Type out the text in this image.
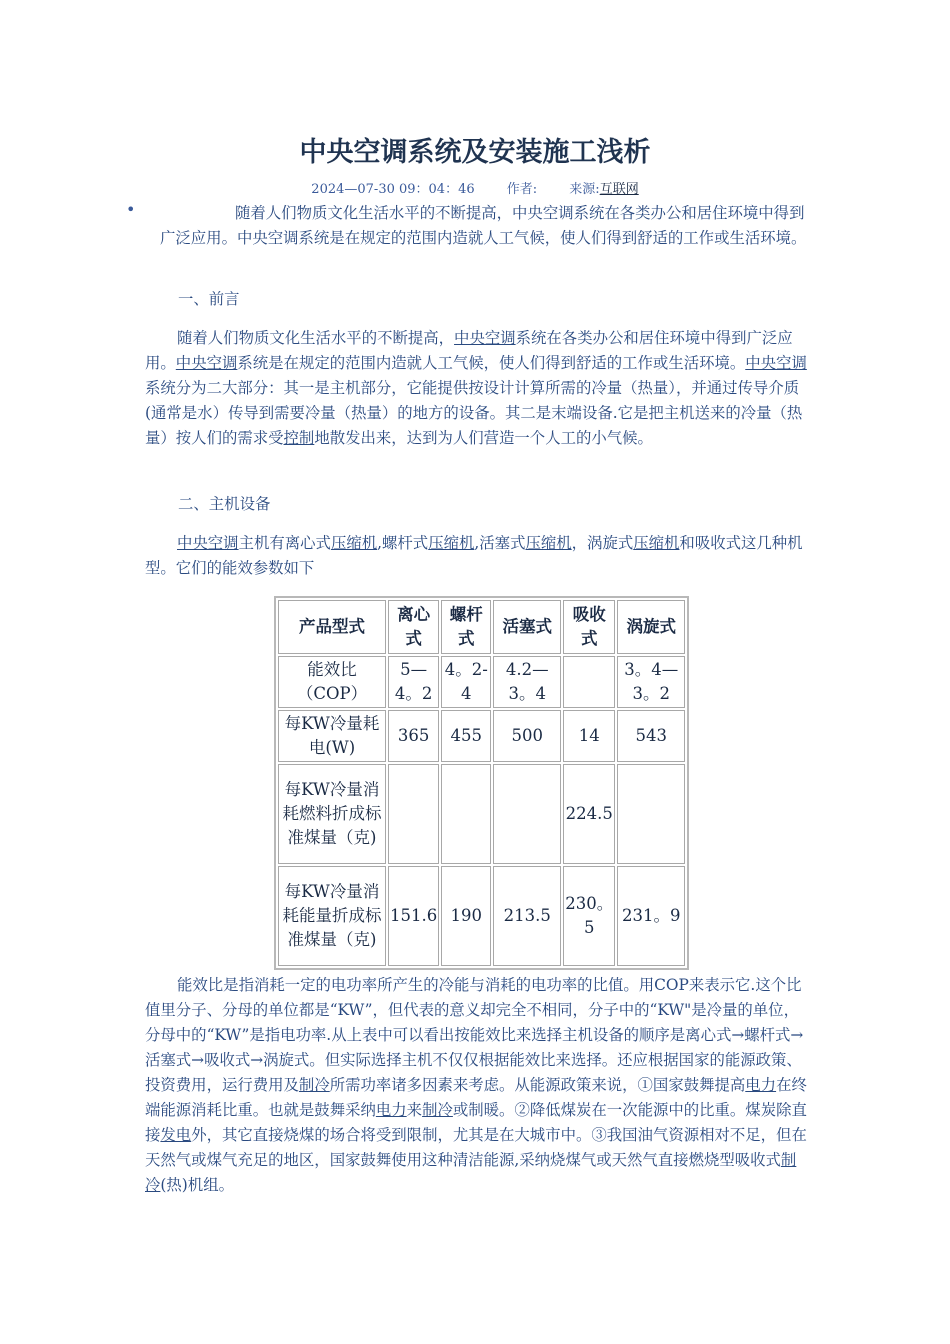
中央空调系统及安装施工浅析
2024—07-30 09：04：46 作者: 来源:互联网
•	随着人们物质文化生活水平的不断提高，中央空调系统在各类办公和居住环境中得到广泛应用。中央空调系统是在规定的范围内造就人工气候，使人们得到舒适的工作或生活环境。

一、前言

随着人们物质文化生活水平的不断提高，中央空调系统在各类办公和居住环境中得到广泛应用。中央空调系统是在规定的范围内造就人工气候，使人们得到舒适的工作或生活环境。中央空调系统分为二大部分：其一是主机部分，它能提供按设计计算所需的冷量（热量），并通过传导介质(通常是水）传导到需要冷量（热量）的地方的设备。其二是末端设备.它是把主机送来的冷量（热量）按人们的需求受控制地散发出来，达到为人们营造一个人工的小气候。

二、主机设备

中央空调主机有离心式压缩机,螺杆式压缩机,活塞式压缩机，涡旋式压缩机和吸收式这几种机型。它们的能效参数如下

产品型式	离心式	螺杆式	活塞式	吸收式	涡旋式
能效比（COP）	5—4。2	4。2-4	4.2—3。4		3。4—3。2
每KW冷量耗电(W)	365	455	500	14	543
每KW冷量消耗燃料折成标准煤量（克)				224.5	
每KW冷量消耗能量折成标准煤量（克)	151.6	190	213.5	230。5	231。9

能效比是指消耗一定的电功率所产生的冷能与消耗的电功率的比值。用COP来表示它.这个比值里分子、分母的单位都是“KW”，但代表的意义却完全不相同，分子中的“KW"是冷量的单位，分母中的“KW”是指电功率.从上表中可以看出按能效比来选择主机设备的顺序是离心式→螺杆式→活塞式→吸收式→涡旋式。但实际选择主机不仅仅根据能效比来选择。还应根据国家的能源政策、投资费用，运行费用及制冷所需功率诸多因素来考虑。从能源政策来说，①国家鼓舞提高电力在终端能源消耗比重。也就是鼓舞采纳电力来制冷或制暖。②降低煤炭在一次能源中的比重。煤炭除直接发电外，其它直接烧煤的场合将受到限制，尤其是在大城市中。③我国油气资源相对不足，但在天然气或煤气充足的地区，国家鼓舞使用这种清洁能源,采纳烧煤气或天然气直接燃烧型吸收式制冷(热)机组。
